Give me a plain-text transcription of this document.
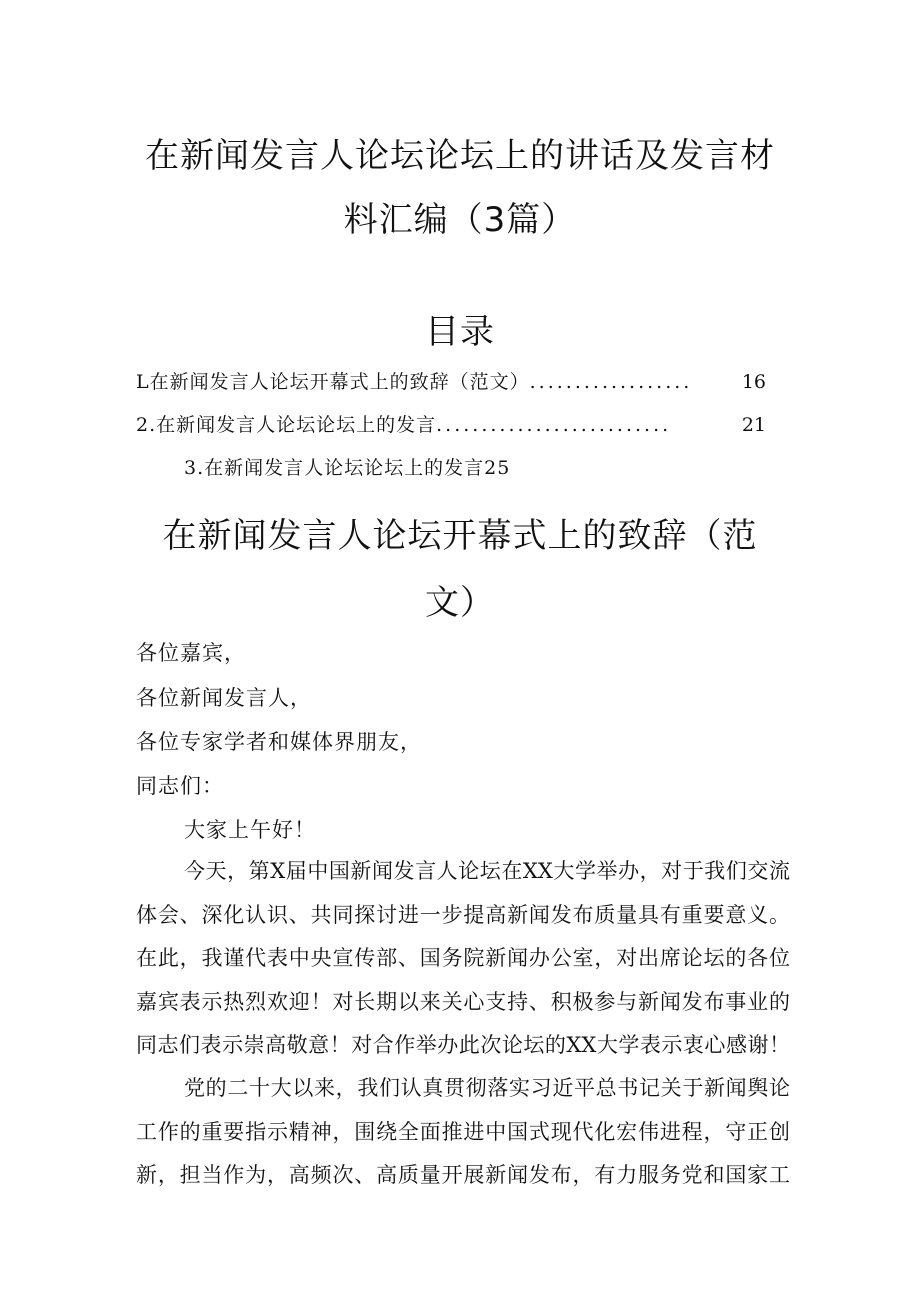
在新闻发言人论坛论坛上的讲话及发言材
料汇编（3篇）
目录
L在新闻发言人论坛开幕式上的致辞（范文） ..................	16
2.在新闻发言人论坛论坛上的发言 ..........................	21
3.在新闻发言人论坛论坛上的发言25
在新闻发言人论坛开幕式上的致辞（范
文）
各位嘉宾，
各位新闻发言人，
各位专家学者和媒体界朋友，
同志们：
大家上午好！
今天，第X届中国新闻发言人论坛在XX大学举办，对于我们交流
体会、深化认识、共同探讨进一步提高新闻发布质量具有重要意义。
在此，我谨代表中央宣传部、国务院新闻办公室，对出席论坛的各位
嘉宾表示热烈欢迎！对长期以来关心支持、积极参与新闻发布事业的
同志们表示崇高敬意！对合作举办此次论坛的XX大学表示衷心感谢！
党的二十大以来，我们认真贯彻落实习近平总书记关于新闻舆论
工作的重要指示精神，围绕全面推进中国式现代化宏伟进程，守正创
新，担当作为，高频次、高质量开展新闻发布，有力服务党和国家工
